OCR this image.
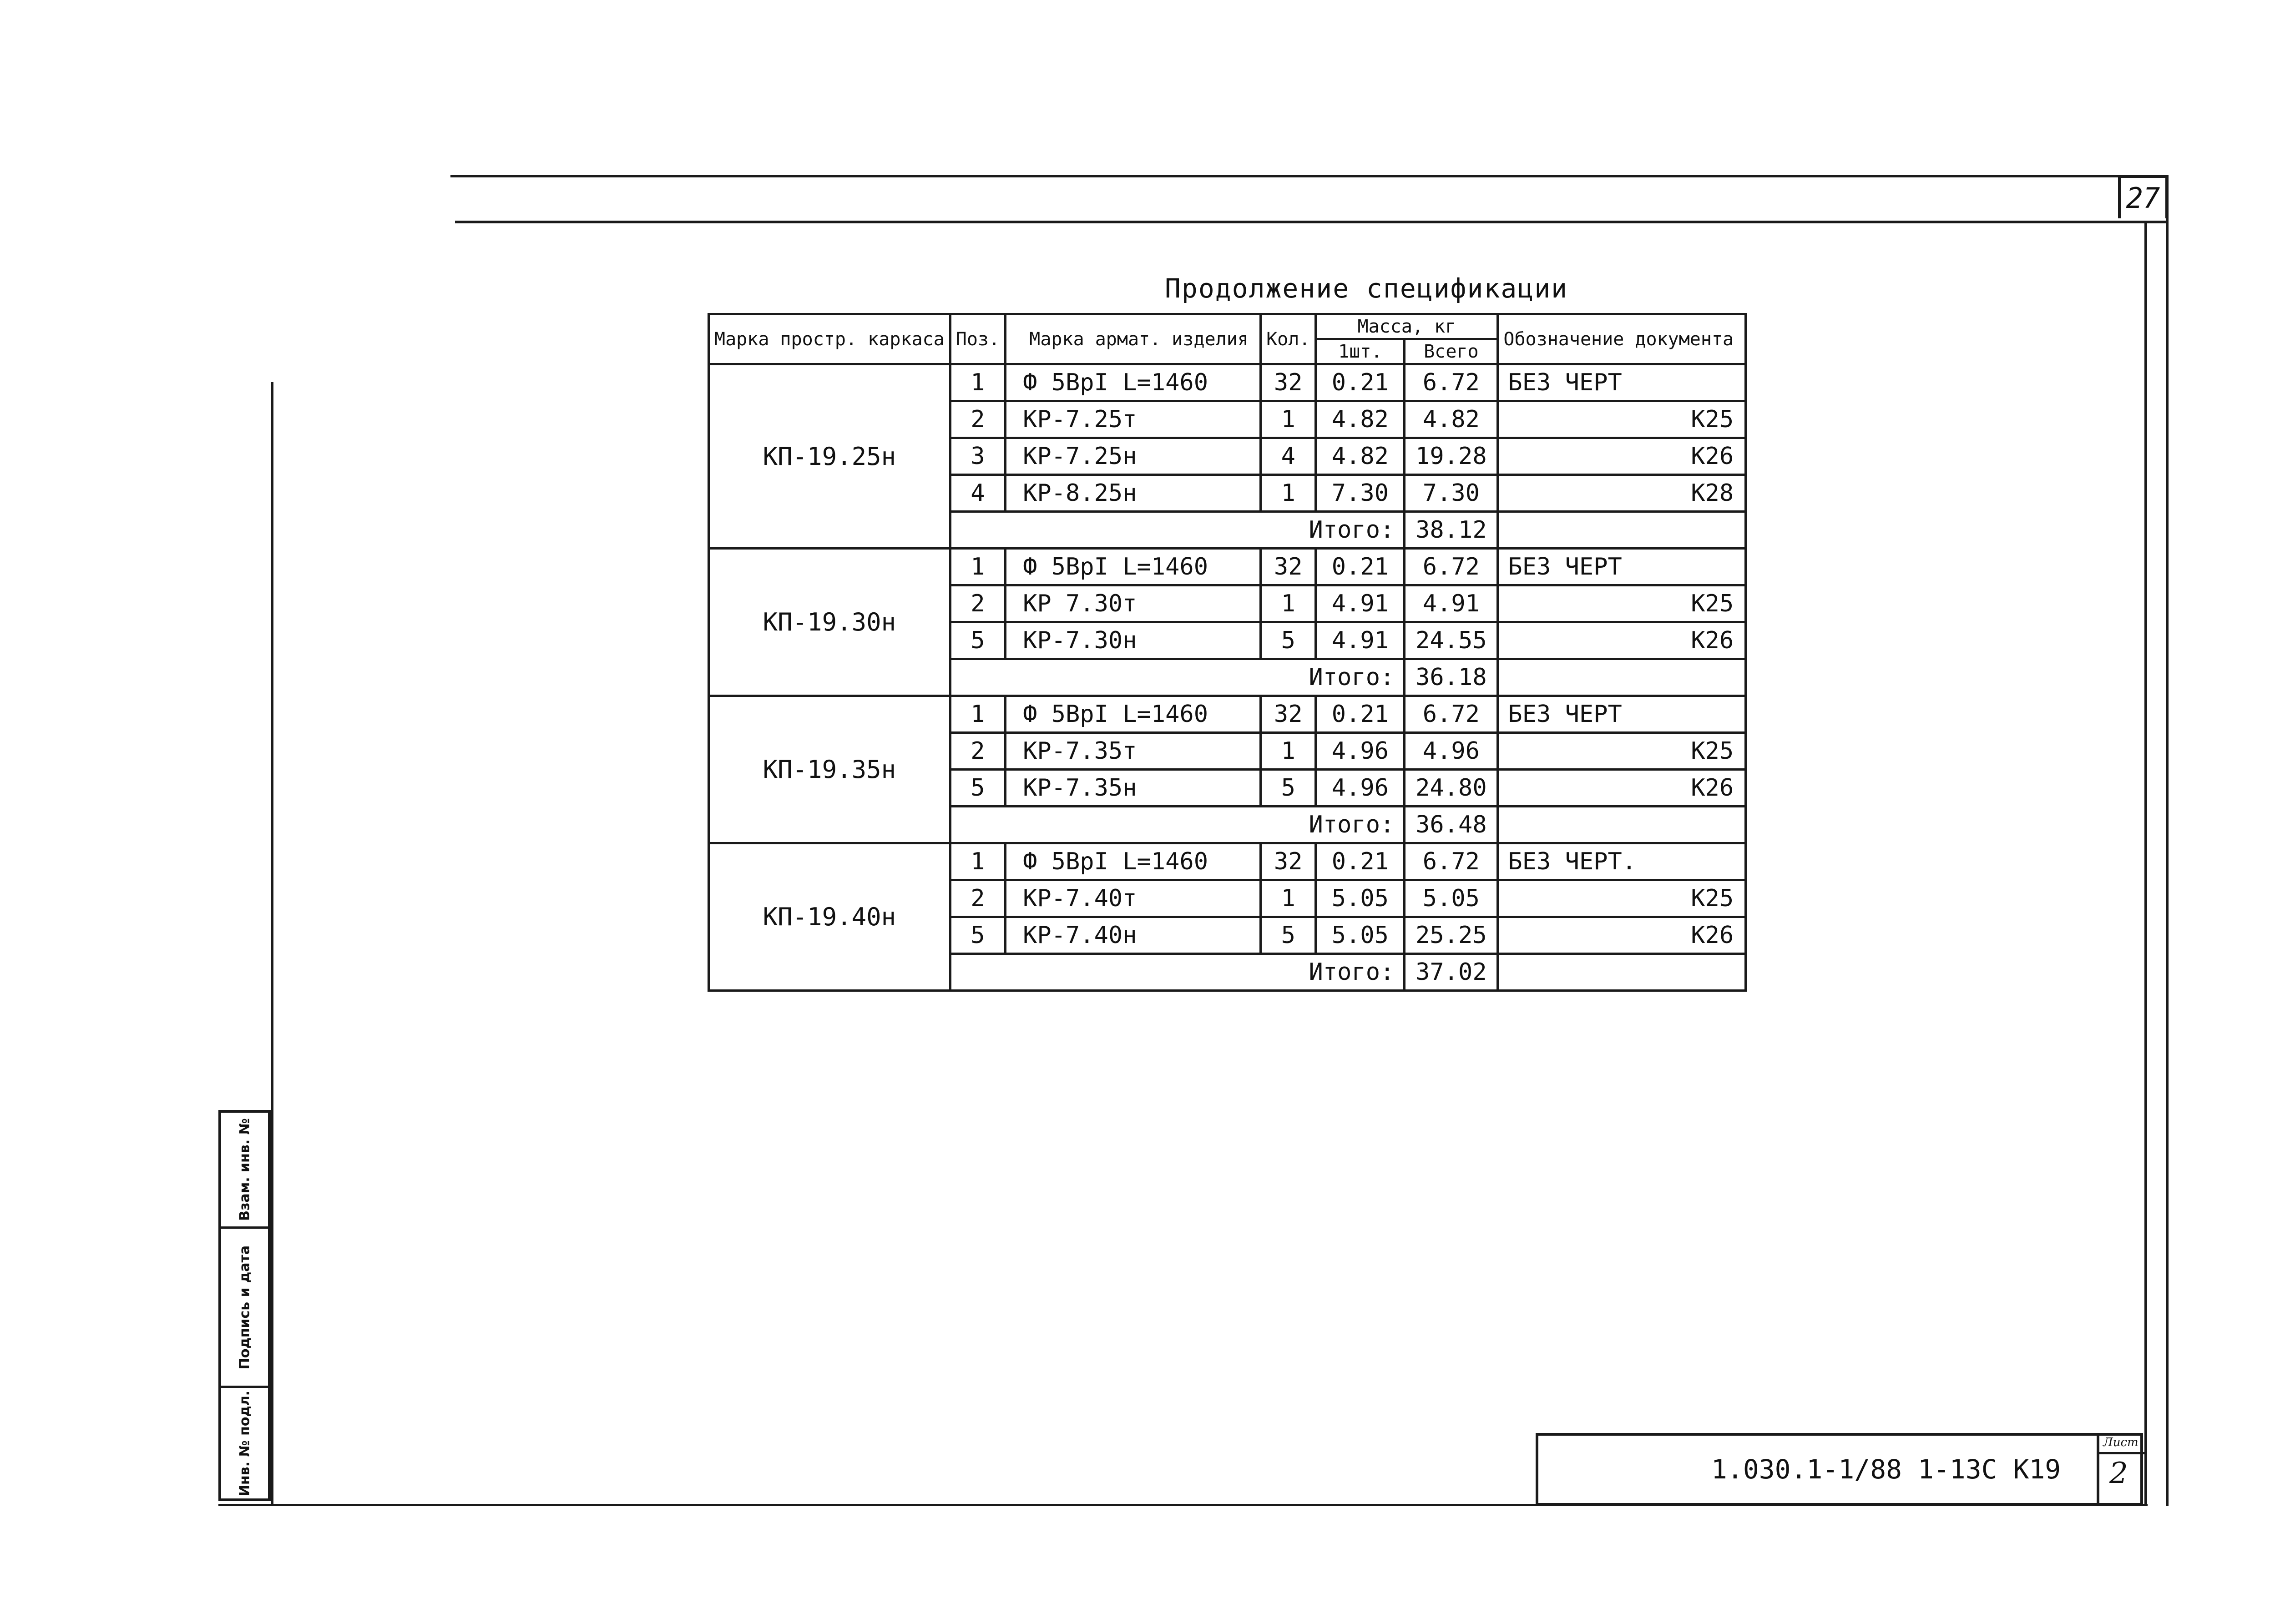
27
Продолжение спецификации
Марка простр. каркаса	Поз.	Марка армат. изделия	Кол.	Масса, кг		Обозначение документа
				1шт.	Всего	
КП-19.25н	1	Ф 5ВрI L=1460	32	0.21	6.72	БЕЗ ЧЕРТ
	2	КР-7.25т	1	4.82	4.82	К25
	3	КР-7.25н	4	4.82	19.28	К26
	4	КР-8.25н	1	7.30	7.30	К28
	Итого:				38.12	
КП-19.30н	1	Ф 5ВрI L=1460	32	0.21	6.72	БЕЗ ЧЕРТ
	2	КР 7.30т	1	4.91	4.91	К25
	5	КР-7.30н	5	4.91	24.55	К26
	Итого:				36.18	
КП-19.35н	1	Ф 5ВрI L=1460	32	0.21	6.72	БЕЗ ЧЕРТ
	2	КР-7.35т	1	4.96	4.96	К25
	5	КР-7.35н	5	4.96	24.80	К26
	Итого:				36.48	
КП-19.40н	1	Ф 5ВрI L=1460	32	0.21	6.72	БЕЗ ЧЕРТ.
	2	КР-7.40т	1	5.05	5.05	К25
	5	КР-7.40н	5	5.05	25.25	К26
	Итого:				37.02	
Взам. инв. №
Подпись и дата
Инв. № подл.	1.030.1-1/88 1-13С К19
Лист
2
